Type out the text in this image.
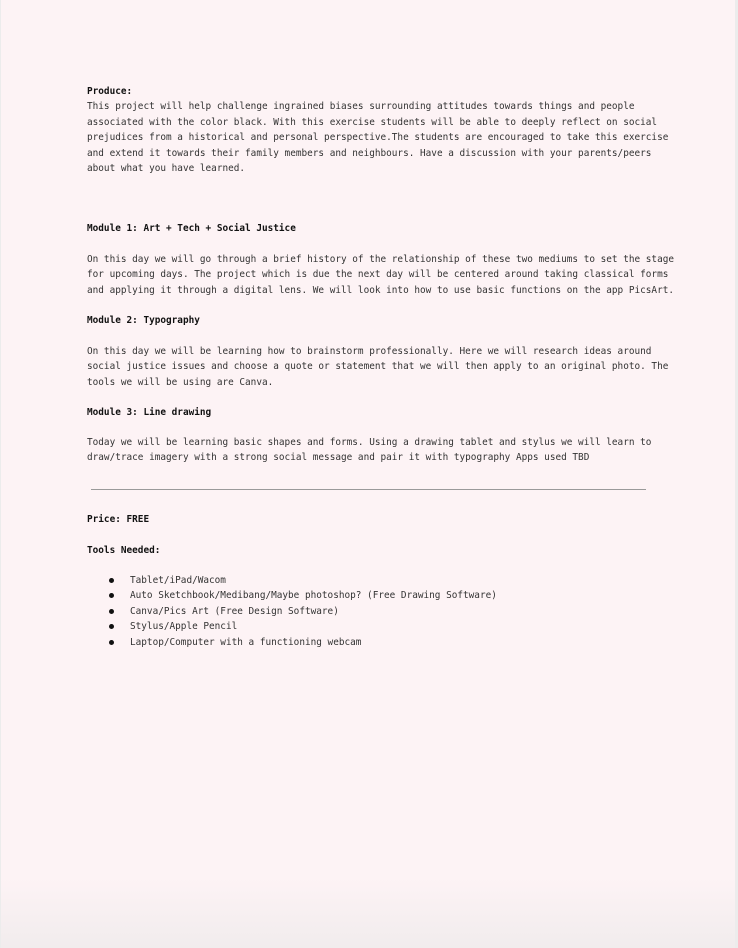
Produce:

This project will help challenge ingrained biases surrounding attitudes towards things and people
associated with the color black. With this exercise students will be able to deeply reflect on social
prejudices from a historical and personal perspective.The students are encouraged to take this exercise
and extend it towards their family members and neighbours. Have a discussion with your parents/peers
about what you have learned.

Module 1: Art + Tech + Social Justice

On this day we will go through a brief history of the relationship of these two mediums to set the stage
for upcoming days. The project which is due the next day will be centered around taking classical forms
and applying it through a digital lens. We will look into how to use basic functions on the app PicsArt.

Module 2: Typography

On this day we will be learning how to brainstorm professionally. Here we will research ideas around
social justice issues and choose a quote or statement that we will then apply to an original photo. The
tools we will be using are Canva.

Module 3: Line drawing

Today we will be learning basic shapes and forms. Using a drawing tablet and stylus we will learn to
draw/trace imagery with a strong social message and pair it with typography Apps used TBD

Price: FREE

Tools Needed:

Tablet/iPad/Wacom
Auto Sketchbook/Medibang/Maybe photoshop? (Free Drawing Software)
Canva/Pics Art (Free Design Software)
Stylus/Apple Pencil
Laptop/Computer with a functioning webcam
